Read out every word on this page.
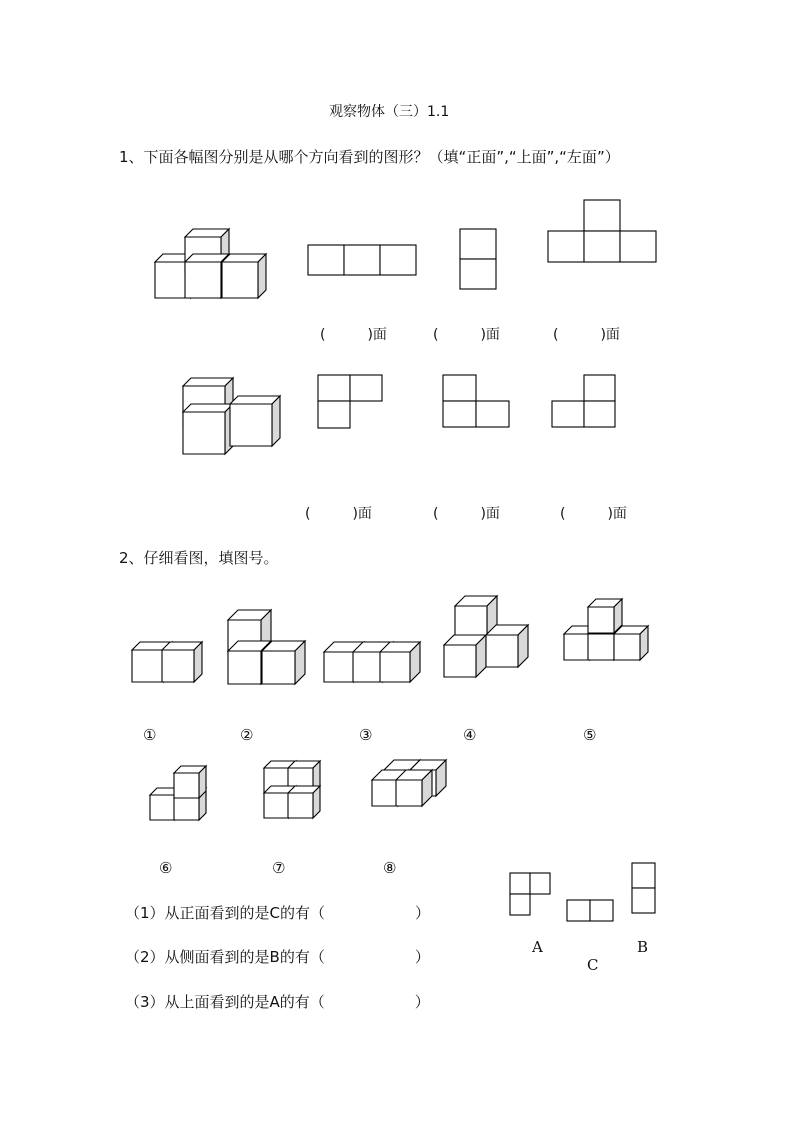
观察物体（三）1.1
1、下面各幅图分别是从哪个方向看到的图形？（填“正面”,“上面”,“左面”）
(　　　)面	(　　　)面	(　　　)面
(　　　)面	(　　　)面	(　　　)面
2、仔细看图，填图号。
①	②	③	④	⑤
⑥	⑦	⑧
A
C
B
（1）从正面看到的是C的有（　　　　　　）
（2）从侧面看到的是B的有（　　　　　　）
（3）从上面看到的是A的有（　　　　　　）
